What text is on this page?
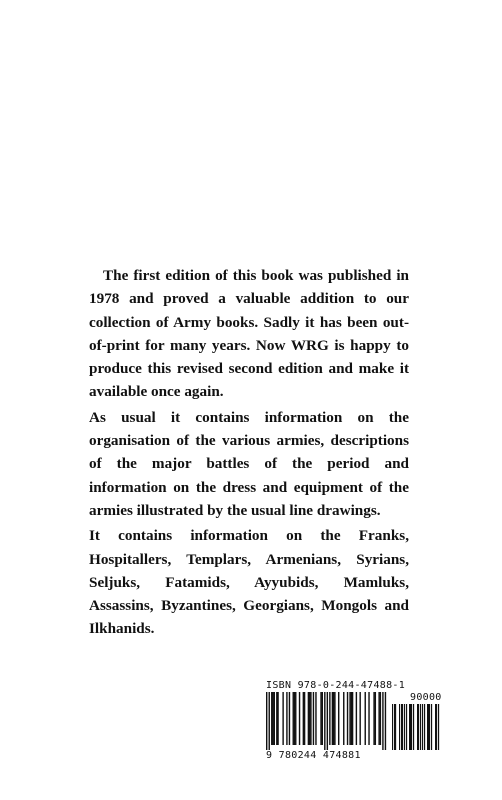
The first edition of this book was published in 1978 and proved a valuable addition to our collection of Army books. Sadly it has been out-of-print for many years. Now WRG is happy to produce this revised second edition and make it available once again.

As usual it contains information on the organisation of the various armies, descriptions of the major battles of the period and information on the dress and equipment of the armies illustrated by the usual line drawings.

It contains information on the Franks, Hospitallers, Templars, Armenians, Syrians, Seljuks, Fatamids, Ayyubids, Mamluks, Assassins, Byzantines, Georgians, Mongols and Ilkhanids.

ISBN 978-0-244-47488-1
90000
9 780244 474881
